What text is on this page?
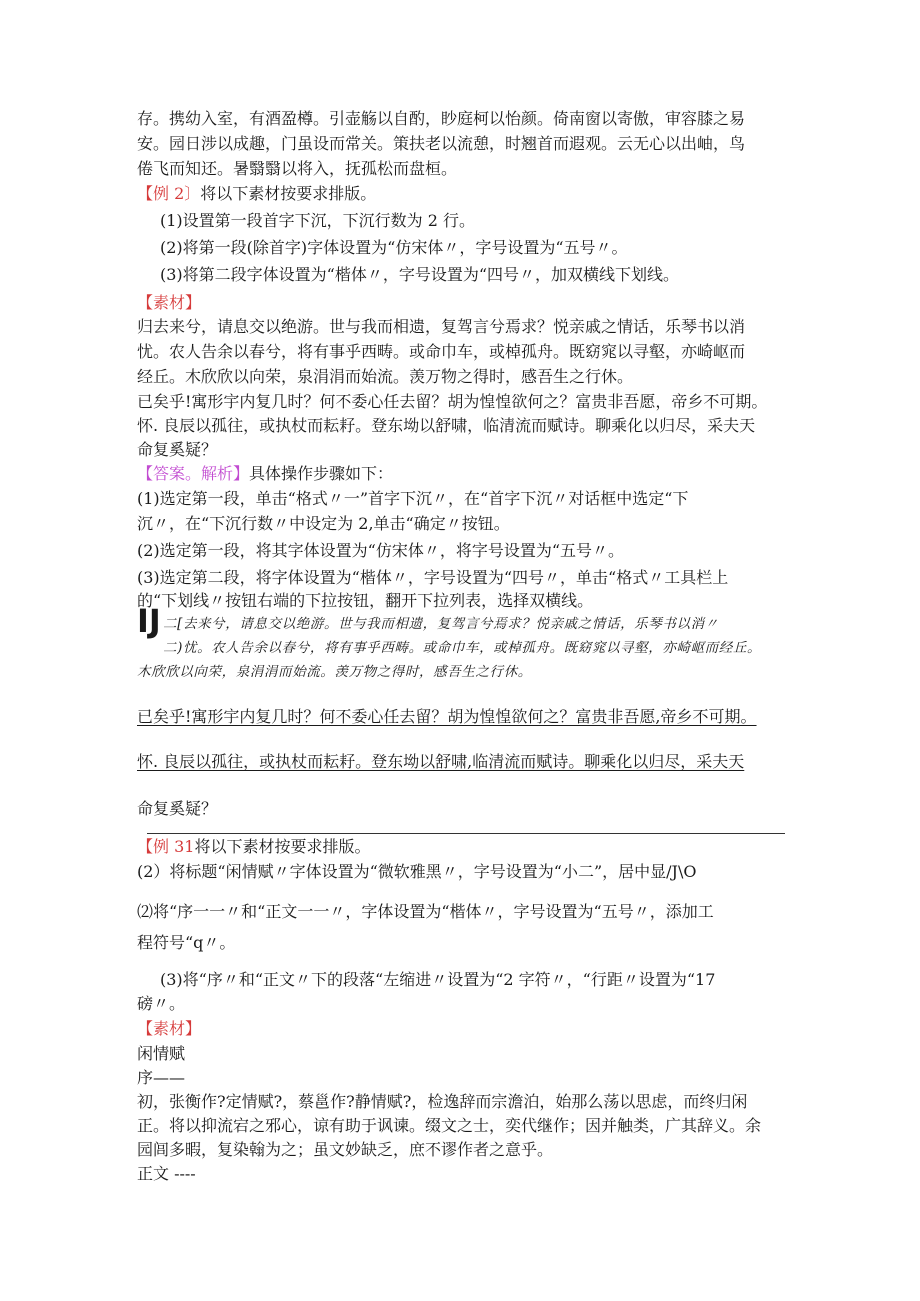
存。携幼入室，有酒盈樽。引壶觞以自酌，眇庭柯以怡颜。倚南窗以寄傲，审容膝之易
安。园日涉以成趣，门虽设而常关。策扶老以流憩，时翘首而遐观。云无心以出岫，鸟
倦飞而知还。暑翳翳以将入，抚孤松而盘桓。
【例 2〕将以下素材按要求排版。
(1)设置第一段首字下沉，下沉行数为 2 行。
(2)将第一段(除首字)字体设置为“仿宋体〃，字号设置为“五号〃。
(3)将第二段字体设置为“楷体〃，字号设置为“四号〃，加双横线下划线。
【素材】
归去来兮，请息交以绝游。世与我而相遗，复驾言兮焉求？悦亲戚之情话，乐琴书以消
忧。农人告余以春兮，将有事乎西畴。或命巾车，或棹孤舟。既窈窕以寻壑，亦崎岖而
经丘。木欣欣以向荣，泉涓涓而始流。羡万物之得时，感吾生之行休。
已矣乎!寓形宇内复几时？何不委心任去留？胡为惶惶欲何之？富贵非吾愿，帝乡不可期。
怀. 良辰以孤往，或执杖而耘耔。登东坳以舒啸，临清流而赋诗。聊乘化以归尽，采夫天
命复奚疑？
【答案。解析】具体操作步骤如下：
(1)选定第一段，单击“格式〃一”首字下沉〃，在“首字下沉〃对话框中选定“下
沉〃，在“下沉行数〃中设定为 2,单击“确定〃按钮。
(2)选定第一段，将其字体设置为“仿宋体〃，将字号设置为“五号〃。
(3)选定第二段，将字体设置为“楷体〃，字号设置为“四号〃，单击“格式〃工具栏上
的“下划线〃按钮右端的下拉按钮，翻开下拉列表，选择双横线。
IJ 二[去来兮，请息交以绝游。世与我而相遗，复驾言兮焉求？悦亲戚之情话，乐琴书以消〃
二)忧。农人告余以春兮，将有事乎西畴。或命巾车，或棹孤舟。既窈窕以寻壑，亦崎岖而经丘。
木欣欣以向荣，泉涓涓而始流。羡万物之得时，感吾生之行休。
已矣乎!寓形宇内复几时？何不委心任去留？胡为惶惶欲何之？富贵非吾愿,帝乡不可期。
怀. 良辰以孤往，或执杖而耘耔。登东坳以舒啸,临清流而赋诗。聊乘化以归尽，采夫天
命复奚疑？
【例 31将以下素材按要求排版。
(2）将标题“闲情赋〃字体设置为“微软雅黑〃，字号设置为“小二”，居中显/J\O
⑵将“序一一〃和“正文一一〃，字体设置为“楷体〃，字号设置为“五号〃，添加工
程符号“q〃。
(3)将“序〃和“正文〃下的段落“左缩进〃设置为“2 字符〃，“行距〃设置为“17
磅〃。
【素材】
闲情赋
序——
初，张衡作?定情赋?，蔡邕作?静情赋?，检逸辞而宗澹泊，始那么荡以思虑，而终归闲
正。将以抑流宕之邪心，谅有助于讽谏。缀文之士，奕代继作；因并触类，广其辞义。余
园闾多暇，复染翰为之；虽文妙缺乏，庶不谬作者之意乎。
正文 ----
